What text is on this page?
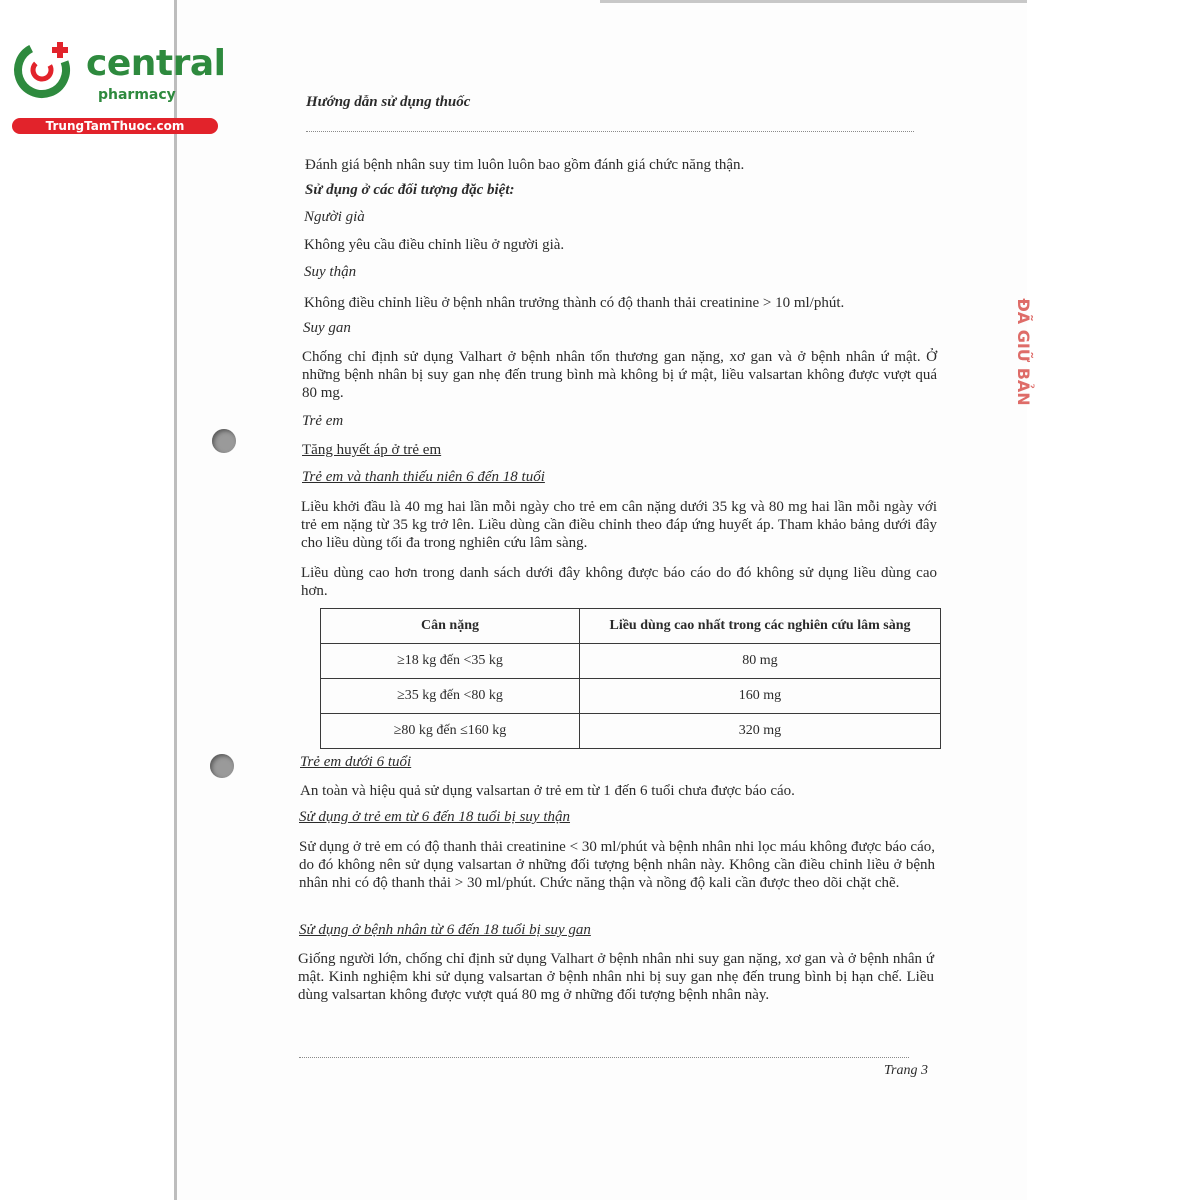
central
pharmacy
TrungTamThuoc.com
Hướng dẫn sử dụng thuốc
Đánh giá bệnh nhân suy tim luôn luôn bao gồm đánh giá chức năng thận.
Sử dụng ở các đối tượng đặc biệt:
Người già
Không yêu cầu điều chỉnh liều ở người già.
Suy thận
Không điều chỉnh liều ở bệnh nhân trưởng thành có độ thanh thải creatinine > 10 ml/phút.
Suy gan
Chống chỉ định sử dụng Valhart ở bệnh nhân tổn thương gan nặng, xơ gan và ở bệnh nhân ứ mật. Ở những bệnh nhân bị suy gan nhẹ đến trung bình mà không bị ứ mật, liều valsartan không được vượt quá 80 mg.
Trẻ em
Tăng huyết áp ở trẻ em
Trẻ em và thanh thiếu niên 6 đến 18 tuổi
Liều khởi đầu là 40 mg hai lần mỗi ngày cho trẻ em cân nặng dưới 35 kg và 80 mg hai lần mỗi ngày với trẻ em nặng từ 35 kg trở lên. Liều dùng cần điều chỉnh theo đáp ứng huyết áp. Tham khảo bảng dưới đây cho liều dùng tối đa trong nghiên cứu lâm sàng.
Liều dùng cao hơn trong danh sách dưới đây không được báo cáo do đó không sử dụng liều dùng cao hơn.
Cân nặng	Liều dùng cao nhất trong các nghiên cứu lâm sàng
≥18 kg đến <35 kg	80 mg
≥35 kg đến <80 kg	160 mg
≥80 kg đến ≤160 kg	320 mg
Trẻ em dưới 6 tuổi
An toàn và hiệu quả sử dụng valsartan ở trẻ em từ 1 đến 6 tuổi chưa được báo cáo.
Sử dụng ở trẻ em từ 6 đến 18 tuổi bị suy thận
Sử dụng ở trẻ em có độ thanh thải creatinine < 30 ml/phút và bệnh nhân nhi lọc máu không được báo cáo, do đó không nên sử dụng valsartan ở những đối tượng bệnh nhân này. Không cần điều chỉnh liều ở bệnh nhân nhi có độ thanh thải > 30 ml/phút. Chức năng thận và nồng độ kali cần được theo dõi chặt chẽ.
Sử dụng ở bệnh nhân từ 6 đến 18 tuổi bị suy gan
Giống người lớn, chống chỉ định sử dụng Valhart ở bệnh nhân nhi suy gan nặng, xơ gan và ở bệnh nhân ứ mật. Kinh nghiệm khi sử dụng valsartan ở bệnh nhân nhi bị suy gan nhẹ đến trung bình bị hạn chế. Liều dùng valsartan không được vượt quá 80 mg ở những đối tượng bệnh nhân này.
Trang 3
ĐÃ GIỮ BẢN
